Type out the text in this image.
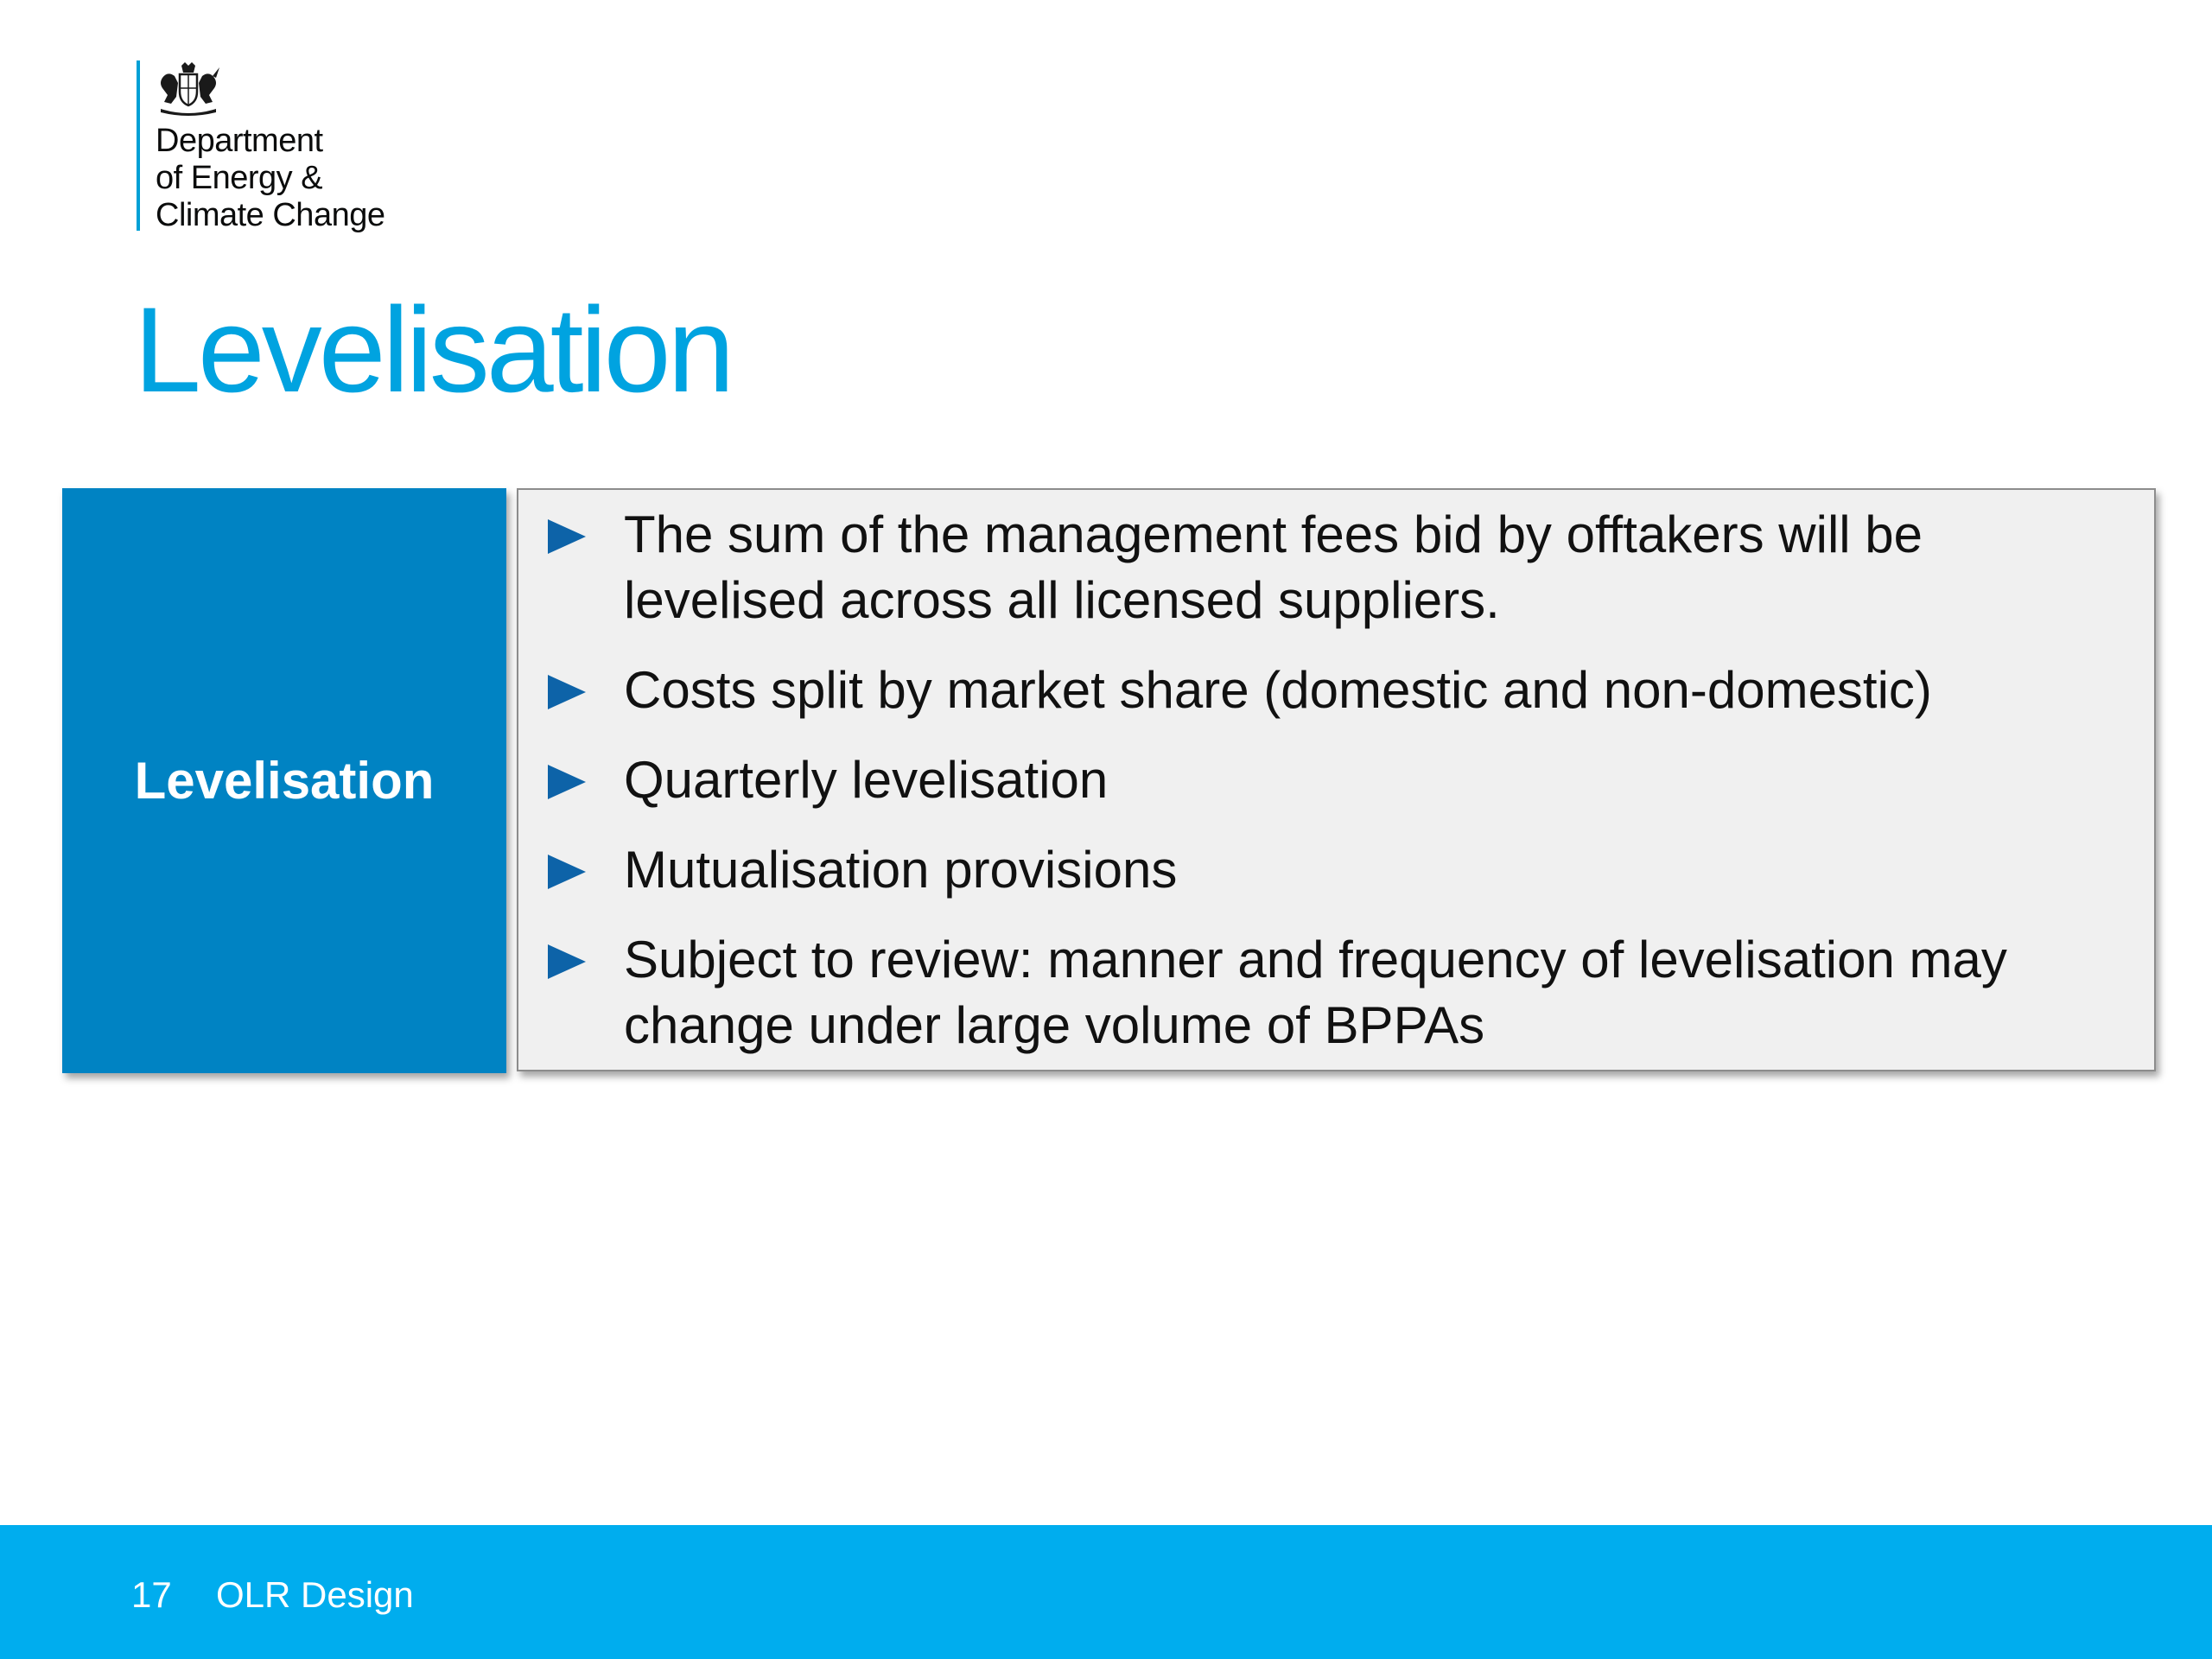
Department
of Energy &
Climate Change
Levelisation
Levelisation
The sum of the management fees bid by offtakers will be levelised across all licensed suppliers.
Costs split by market share (domestic and non-domestic)
Quarterly levelisation
Mutualisation provisions
Subject to review: manner and frequency of levelisation may change under large volume of BPPAs
17 OLR Design
